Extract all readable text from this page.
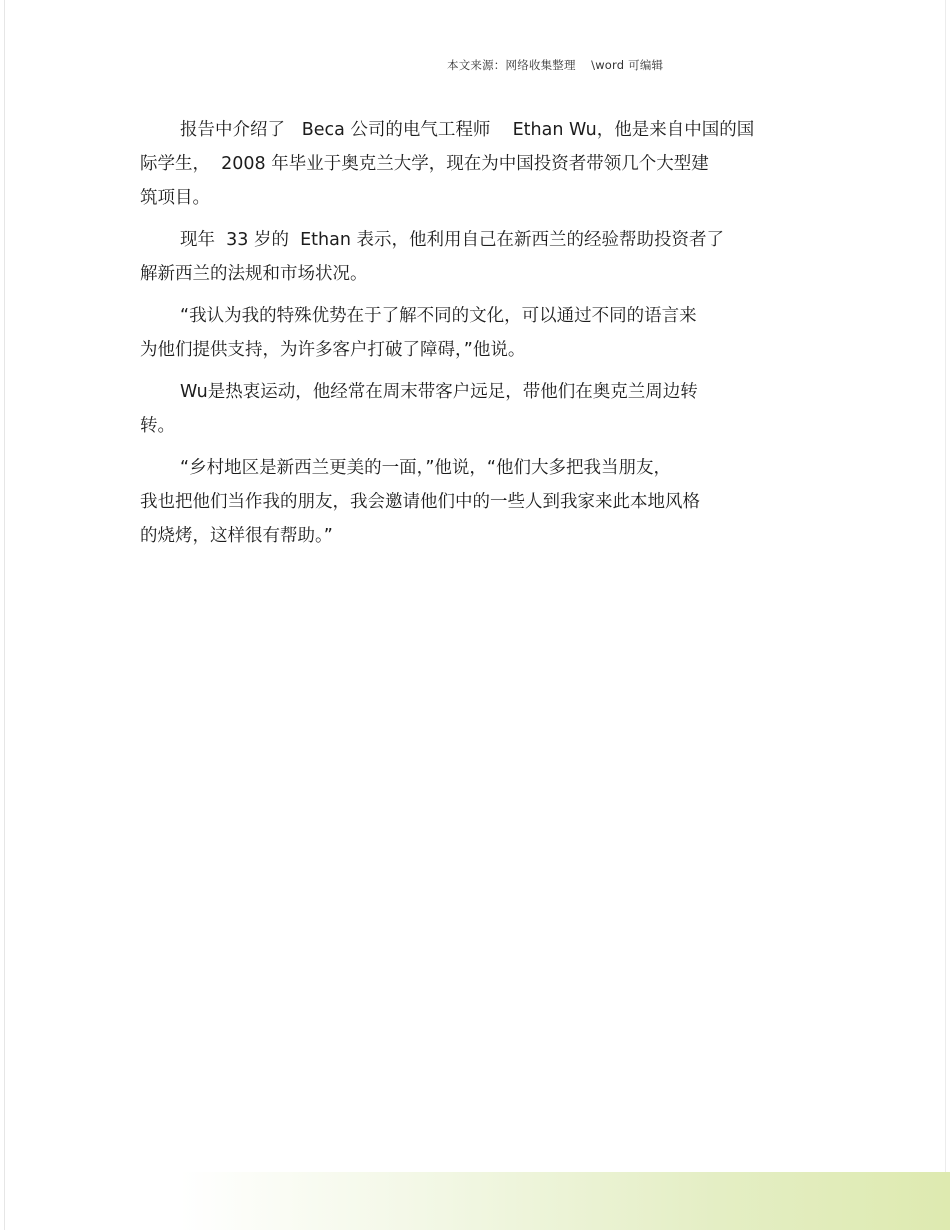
本文来源：网络收集整理    \word 可编辑

报告中介绍了   Beca 公司的电气工程师    Ethan Wu，他是来自中国的国
际学生，  2008 年毕业于奥克兰大学，现在为中国投资者带领几个大型建
筑项目。

现年  33 岁的  Ethan 表示，他利用自己在新西兰的经验帮助投资者了
解新西兰的法规和市场状况。

“我认为我的特殊优势在于了解不同的文化，可以通过不同的语言来
为他们提供支持，为许多客户打破了障碍，”他说。

Wu是热衷运动，他经常在周末带客户远足，带他们在奥克兰周边转
转。

“乡村地区是新西兰更美的一面，”他说，“他们大多把我当朋友，
我也把他们当作我的朋友，我会邀请他们中的一些人到我家来此本地风格
的烧烤，这样很有帮助。”
